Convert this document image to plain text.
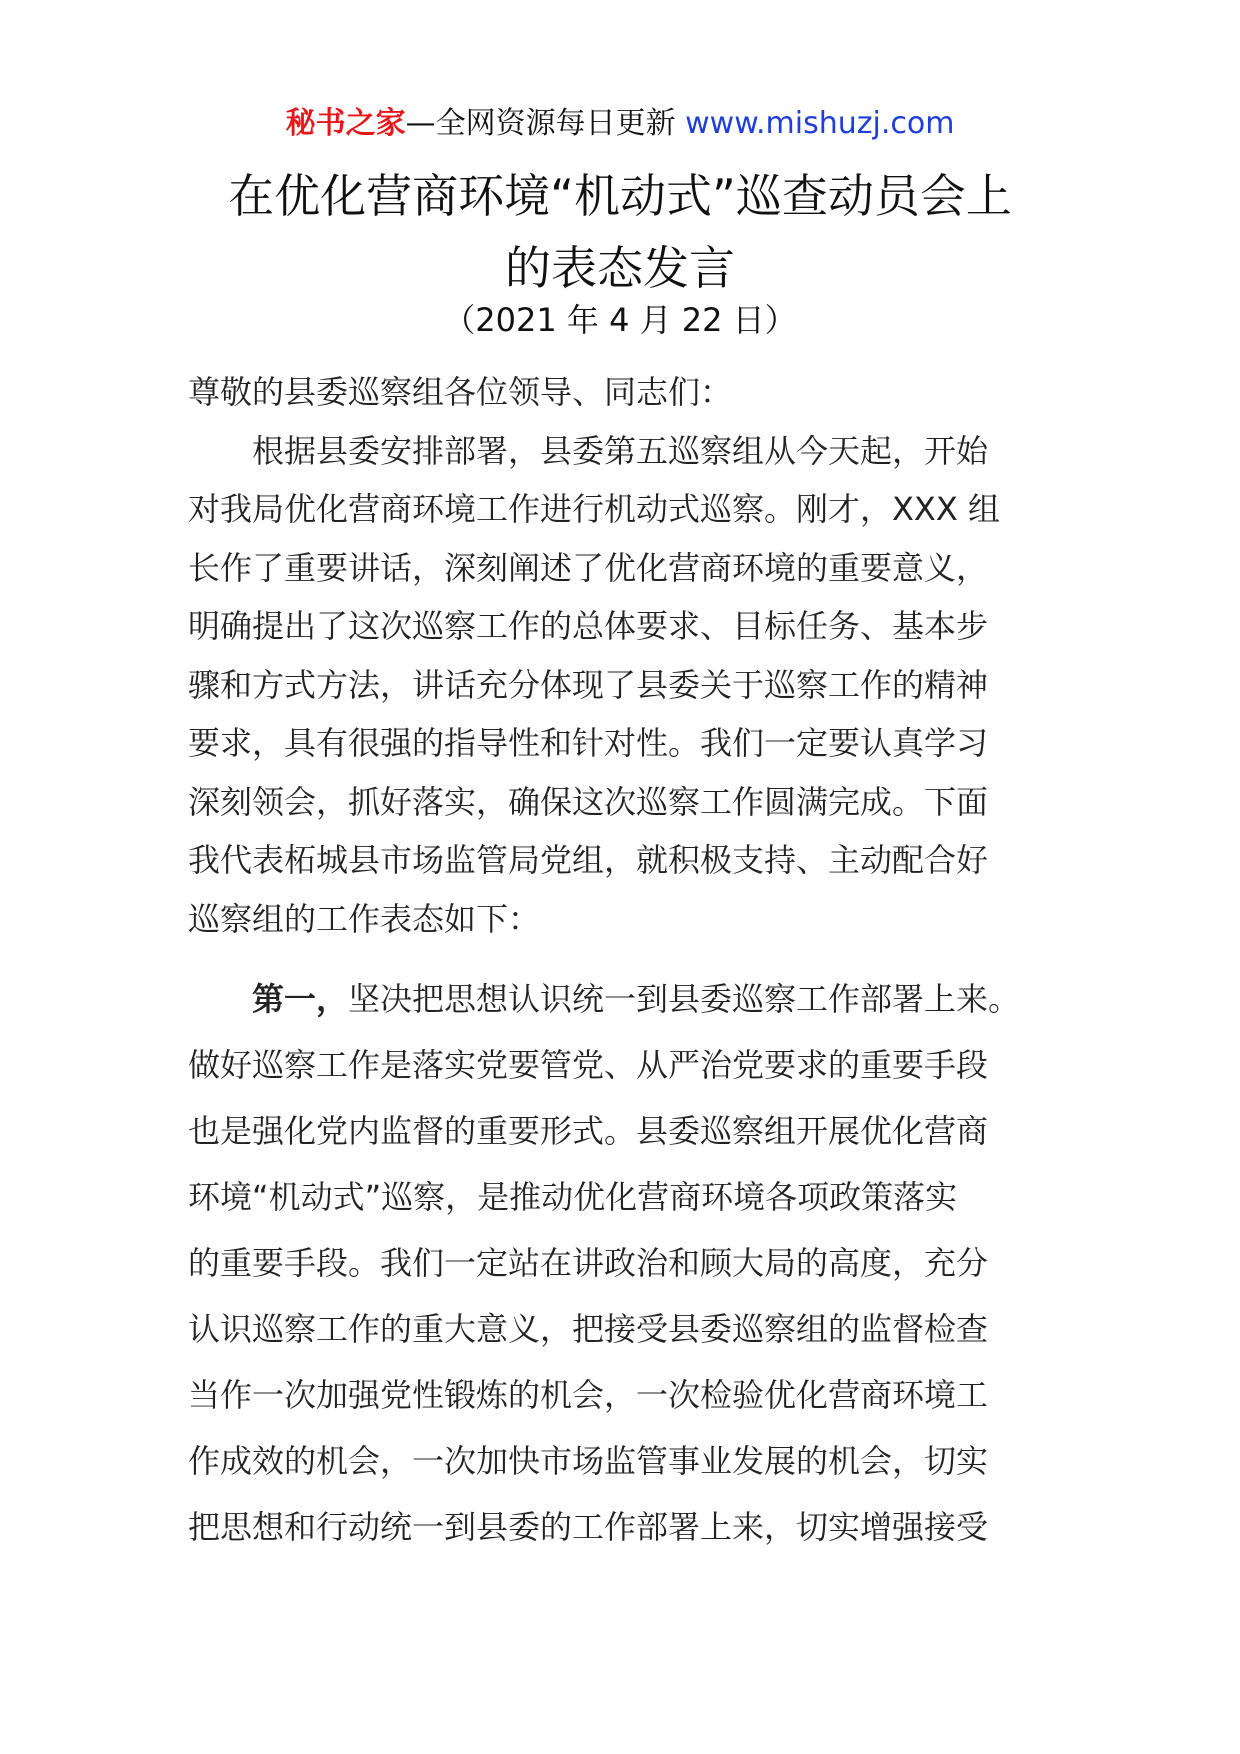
秘书之家—全网资源每日更新 www.mishuzj.com
在优化营商环境“机动式”巡查动员会上
的表态发言
（2021 年 4 月 22 日）
尊敬的县委巡察组各位领导、同志们：
　　根据县委安排部署，县委第五巡察组从今天起，开始
对我局优化营商环境工作进行机动式巡察。刚才，XXX 组
长作了重要讲话，深刻阐述了优化营商环境的重要意义，
明确提出了这次巡察工作的总体要求、目标任务、基本步
骤和方式方法，讲话充分体现了县委关于巡察工作的精神
要求，具有很强的指导性和针对性。我们一定要认真学习
深刻领会，抓好落实，确保这次巡察工作圆满完成。下面
我代表柘城县市场监管局党组，就积极支持、主动配合好
巡察组的工作表态如下：
　　第一，坚决把思想认识统一到县委巡察工作部署上来。
做好巡察工作是落实党要管党、从严治党要求的重要手段
也是强化党内监督的重要形式。县委巡察组开展优化营商
环境“机动式”巡察，是推动优化营商环境各项政策落实
的重要手段。我们一定站在讲政治和顾大局的高度，充分
认识巡察工作的重大意义，把接受县委巡察组的监督检查
当作一次加强党性锻炼的机会，一次检验优化营商环境工
作成效的机会，一次加快市场监管事业发展的机会，切实
把思想和行动统一到县委的工作部署上来，切实增强接受
